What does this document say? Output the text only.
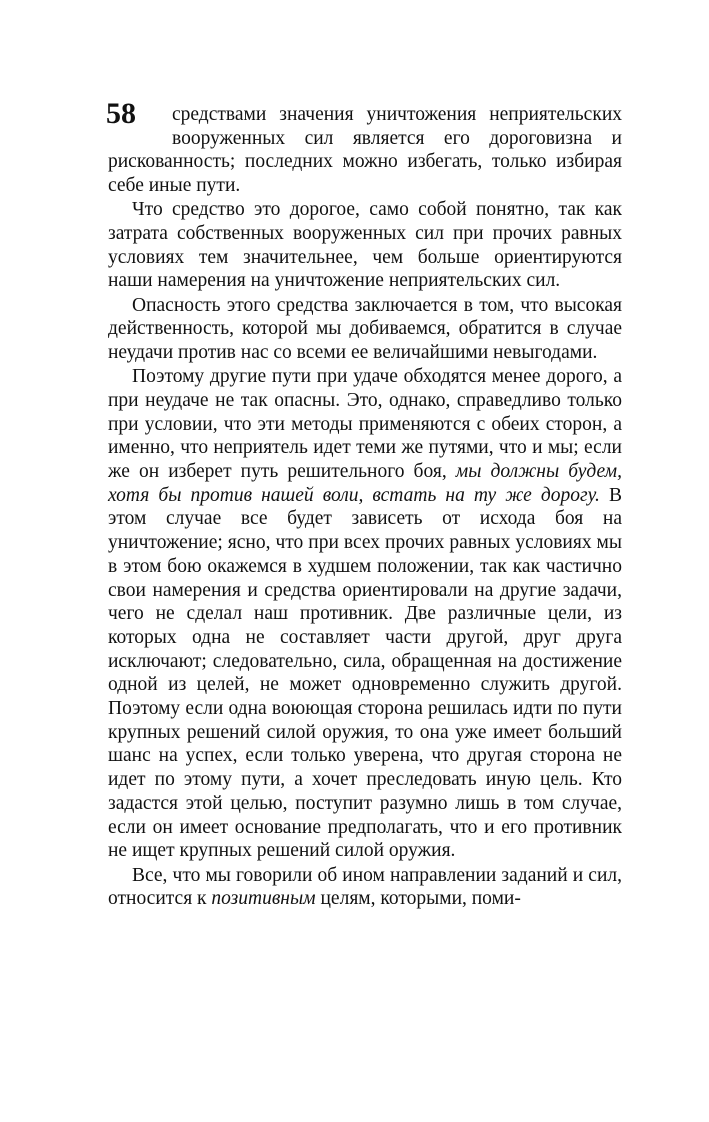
58	средствами значения уничтожения неприятельских вооруженных сил является его дороговизна и рискованность; последних можно избегать, только избирая себе иные пути.

Что средство это дорогое, само собой понятно, так как затрата собственных вооруженных сил при прочих равных условиях тем значительнее, чем больше ориентируются наши намерения на уничтожение неприятельских сил.

Опасность этого средства заключается в том, что высокая действенность, которой мы добиваемся, обратится в случае неудачи против нас со всеми ее величайшими невыгодами.

Поэтому другие пути при удаче обходятся менее дорого, а при неудаче не так опасны. Это, однако, справедливо только при условии, что эти методы применяются с обеих сторон, а именно, что неприятель идет теми же путями, что и мы; если же он изберет путь решительного боя, мы должны будем, хотя бы против нашей воли, встать на ту же дорогу. В этом случае все будет зависеть от исхода боя на уничтожение; ясно, что при всех прочих равных условиях мы в этом бою окажемся в худшем положении, так как частично свои намерения и средства ориентировали на другие задачи, чего не сделал наш противник. Две различные цели, из которых одна не составляет части другой, друг друга исключают; следовательно, сила, обращенная на достижение одной из целей, не может одновременно служить другой. Поэтому если одна воюющая сторона решилась идти по пути крупных решений силой оружия, то она уже имеет больший шанс на успех, если только уверена, что другая сторона не идет по этому пути, а хочет преследовать иную цель. Кто задастся этой целью, поступит разумно лишь в том случае, если он имеет основание предполагать, что и его противник не ищет крупных решений силой оружия.

Все, что мы говорили об ином направлении заданий и сил, относится к позитивным целям, которыми, поми-
